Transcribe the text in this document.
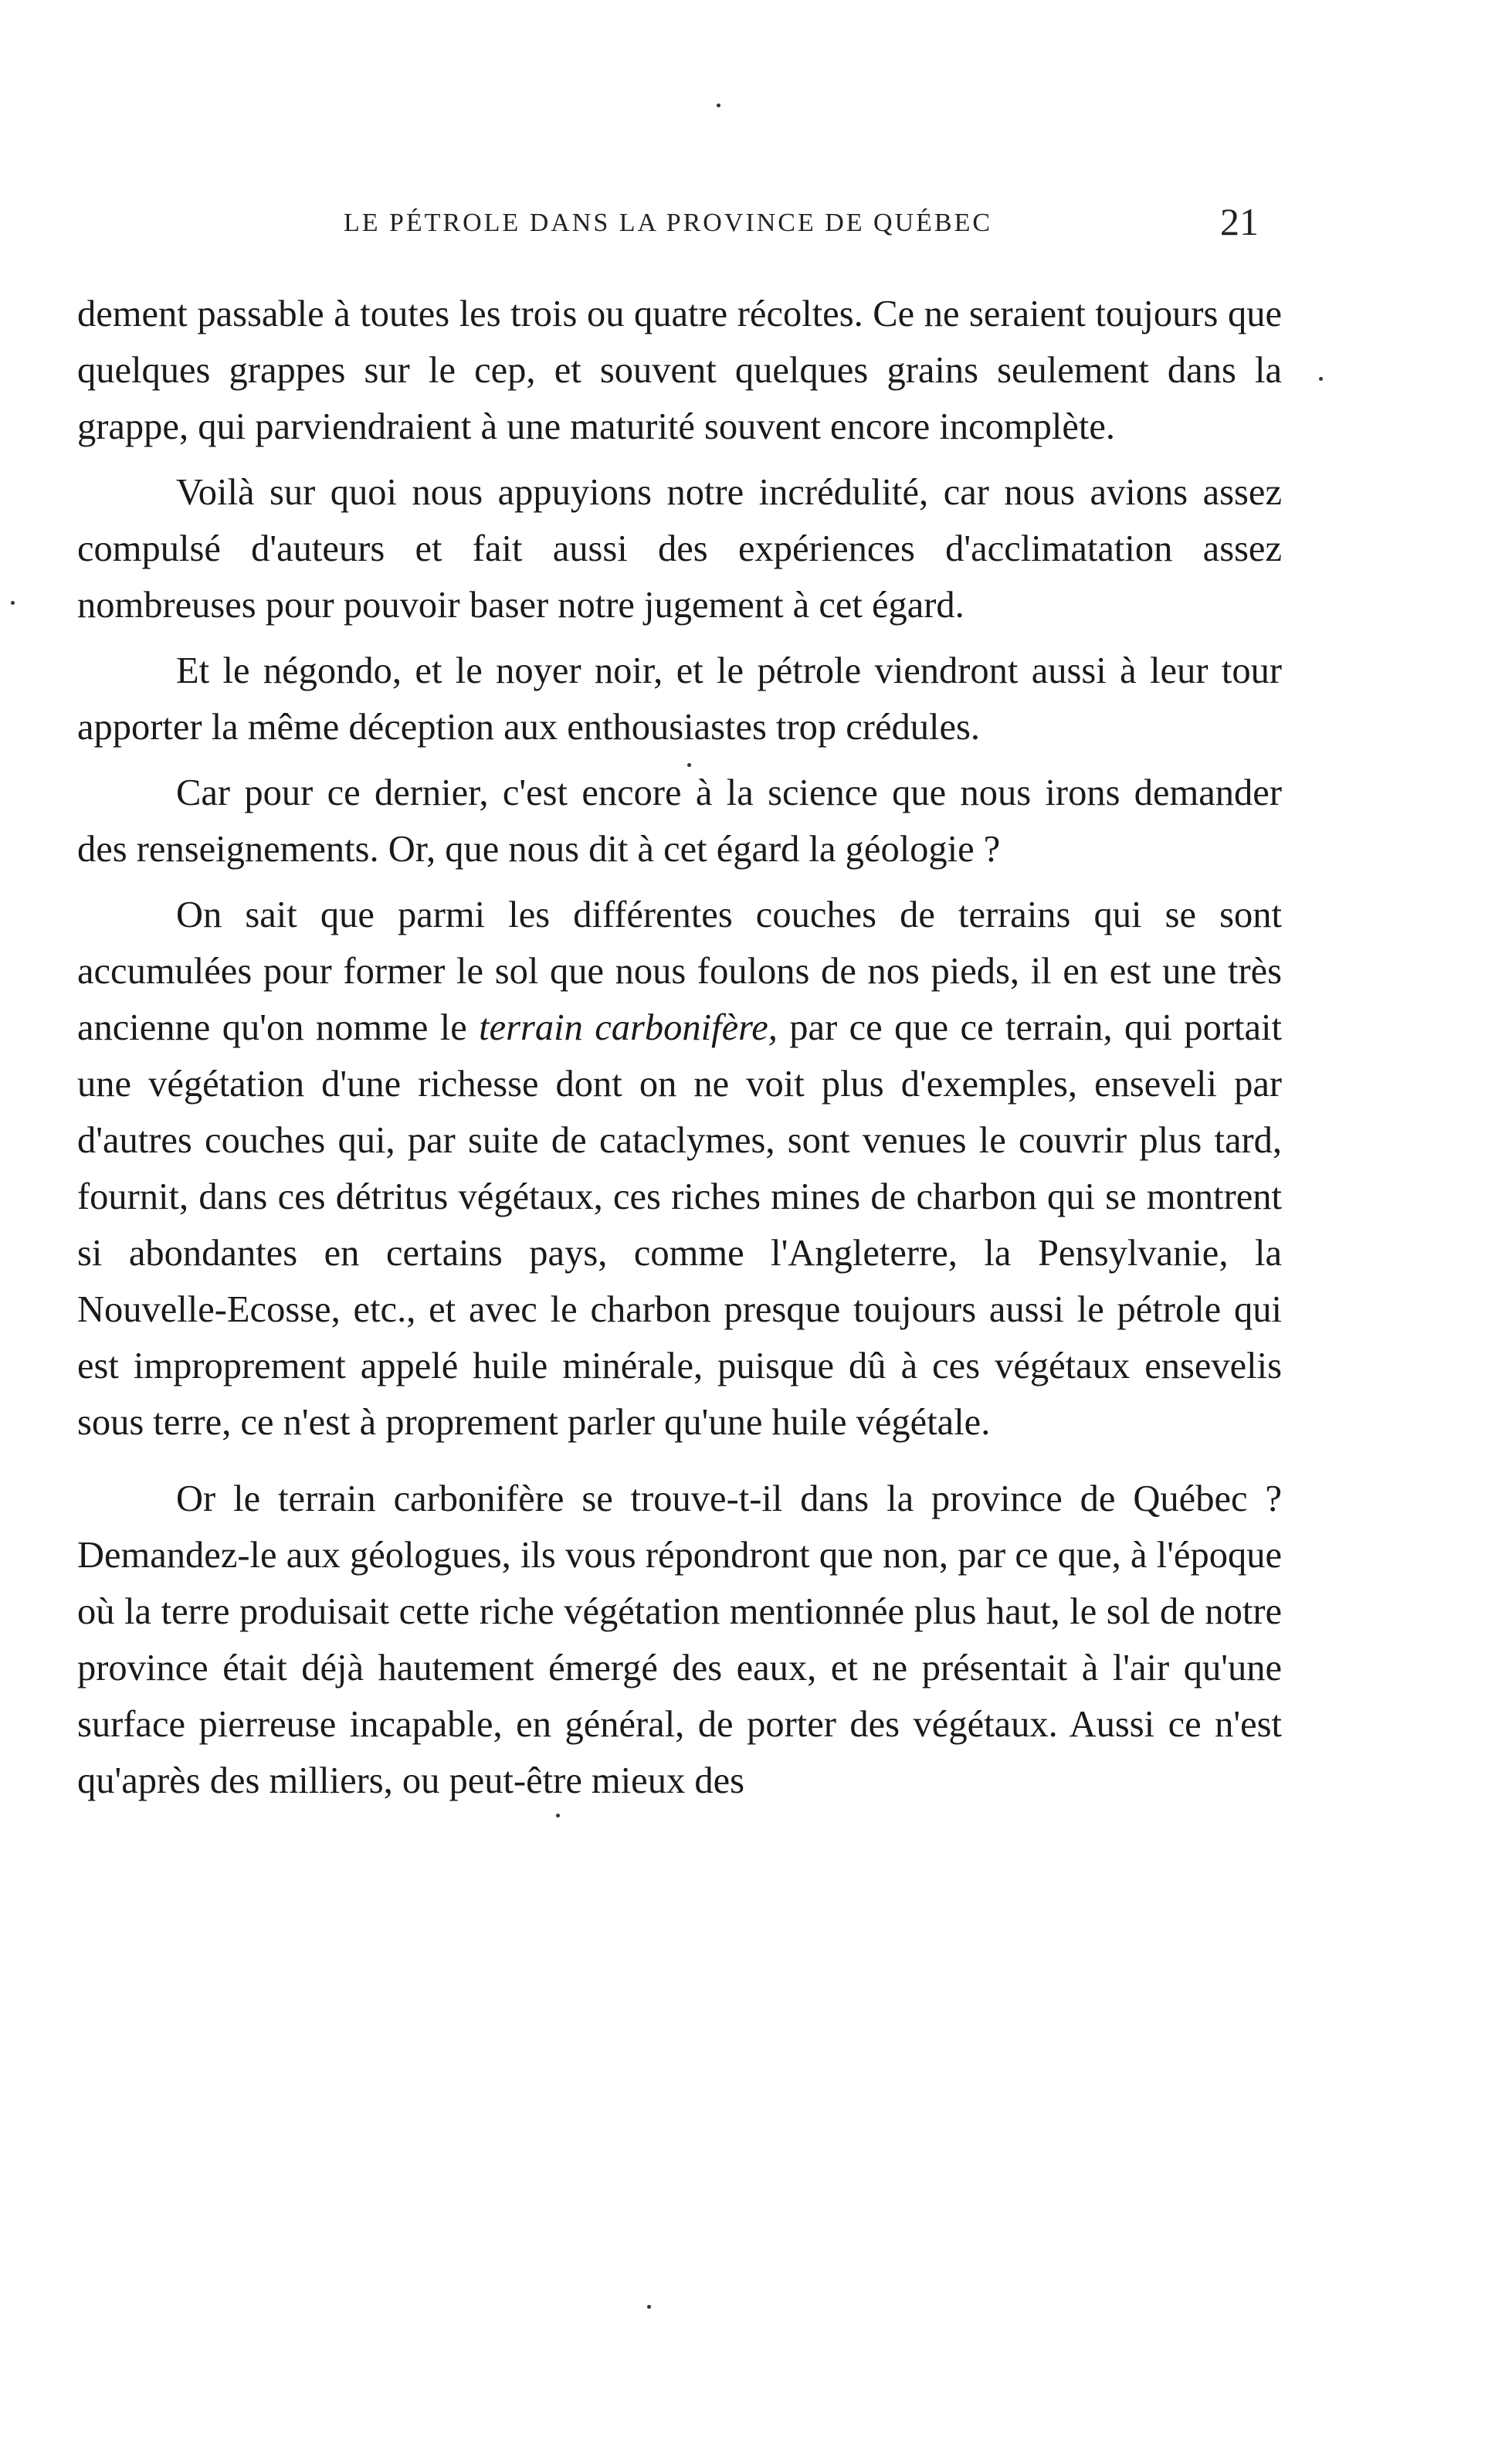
LE PÉTROLE DANS LA PROVINCE DE QUÉBEC	21

dement passable à toutes les trois ou quatre récoltes. Ce ne seraient toujours que quelques grappes sur le cep, et souvent quelques grains seulement dans la grappe, qui parviendraient à une maturité souvent encore incomplète.

Voilà sur quoi nous appuyions notre incrédulité, car nous avions assez compulsé d'auteurs et fait aussi des expériences d'acclimatation assez nombreuses pour pouvoir baser notre jugement à cet égard.

Et le négondo, et le noyer noir, et le pétrole viendront aussi à leur tour apporter la même déception aux enthousiastes trop crédules.

Car pour ce dernier, c'est encore à la science que nous irons demander des renseignements. Or, que nous dit à cet égard la géologie ?

On sait que parmi les différentes couches de terrains qui se sont accumulées pour former le sol que nous foulons de nos pieds, il en est une très ancienne qu'on nomme le terrain carbonifère, par ce que ce terrain, qui portait une végétation d'une richesse dont on ne voit plus d'exemples, enseveli par d'autres couches qui, par suite de cataclymes, sont venues le couvrir plus tard, fournit, dans ces détritus végétaux, ces riches mines de charbon qui se montrent si abondantes en certains pays, comme l'Angleterre, la Pensylvanie, la Nouvelle-Ecosse, etc., et avec le charbon presque toujours aussi le pétrole qui est improprement appelé huile minérale, puisque dû à ces végétaux ensevelis sous terre, ce n'est à proprement parler qu'une huile végétale.

Or le terrain carbonifère se trouve-t-il dans la province de Québec ? Demandez-le aux géologues, ils vous répondront que non, par ce que, à l'époque où la terre produisait cette riche végétation mentionnée plus haut, le sol de notre province était déjà hautement émergé des eaux, et ne présentait à l'air qu'une surface pierreuse incapable, en général, de porter des végétaux. Aussi ce n'est qu'après des milliers, ou peut-être mieux des
